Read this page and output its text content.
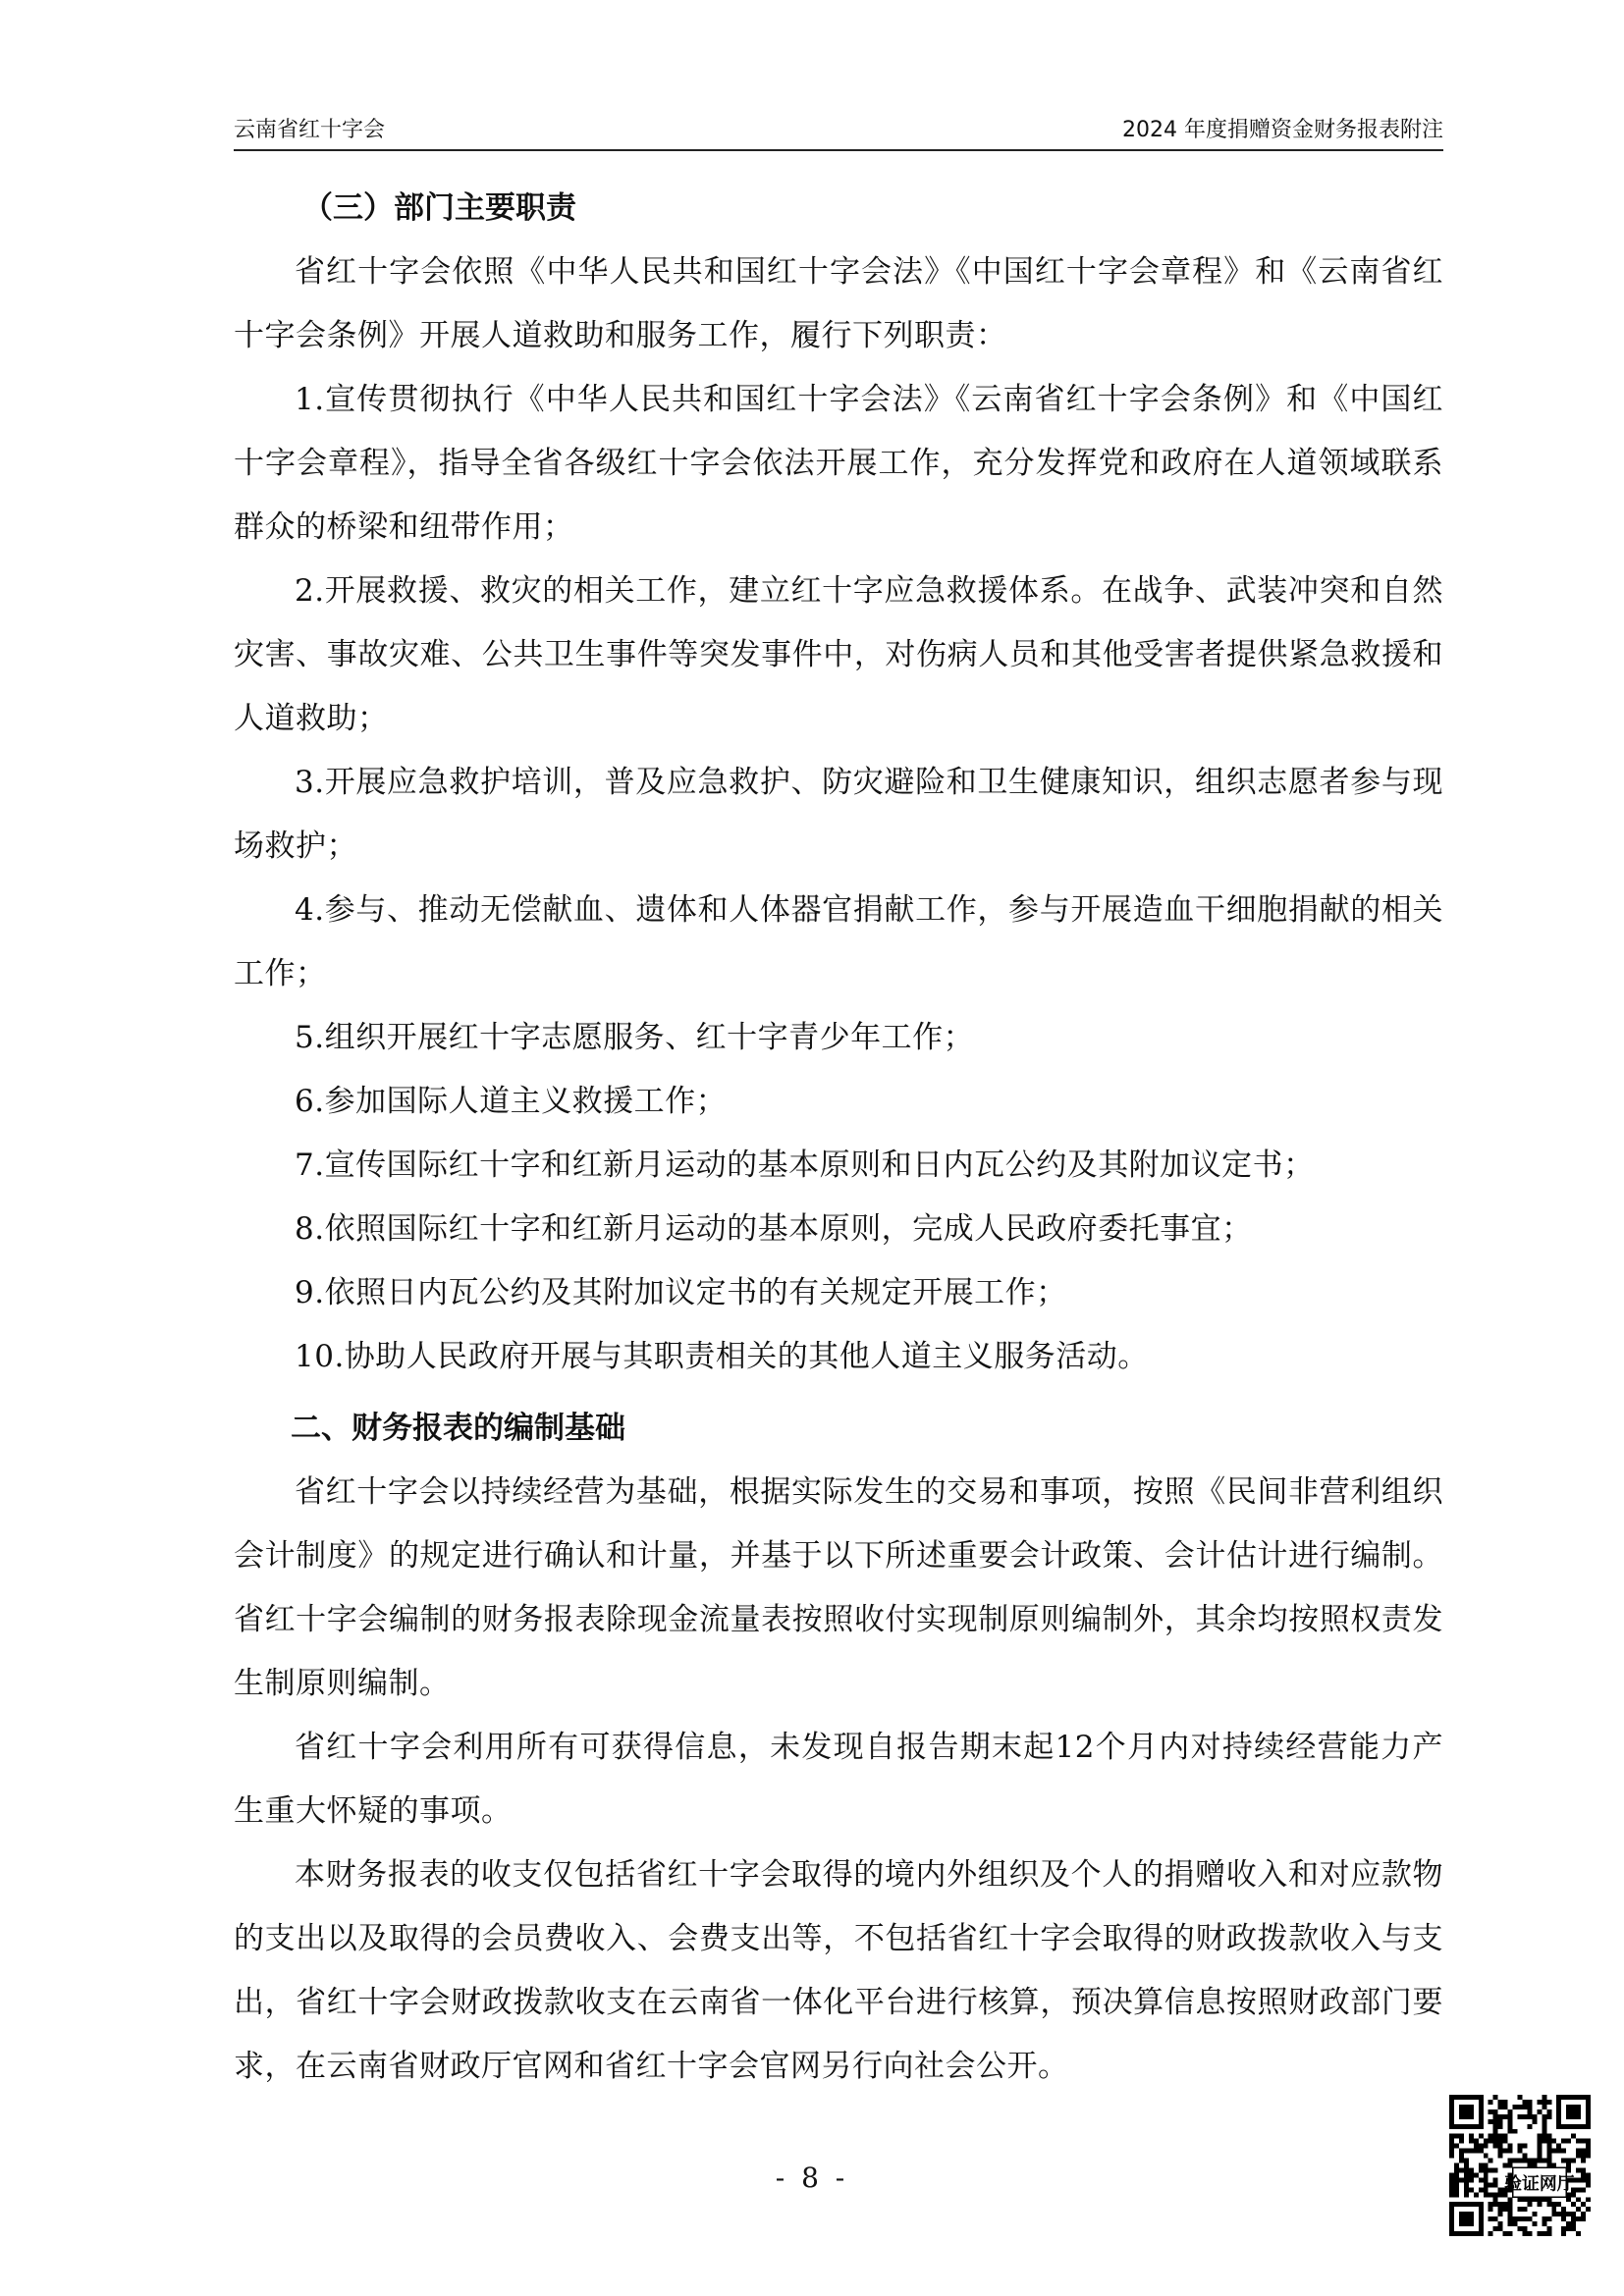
云南省红十字会	2024 年度捐赠资金财务报表附注
（三）部门主要职责

省红十字会依照《中华人民共和国红十字会法》《中国红十字会章程》和《云南省红十字会条例》开展人道救助和服务工作，履行下列职责：

1.宣传贯彻执行《中华人民共和国红十字会法》《云南省红十字会条例》和《中国红十字会章程》，指导全省各级红十字会依法开展工作，充分发挥党和政府在人道领域联系群众的桥梁和纽带作用；

2.开展救援、救灾的相关工作，建立红十字应急救援体系。在战争、武装冲突和自然灾害、事故灾难、公共卫生事件等突发事件中，对伤病人员和其他受害者提供紧急救援和人道救助；

3.开展应急救护培训，普及应急救护、防灾避险和卫生健康知识，组织志愿者参与现场救护；

4.参与、推动无偿献血、遗体和人体器官捐献工作，参与开展造血干细胞捐献的相关工作；

5.组织开展红十字志愿服务、红十字青少年工作；

6.参加国际人道主义救援工作；

7.宣传国际红十字和红新月运动的基本原则和日内瓦公约及其附加议定书；

8.依照国际红十字和红新月运动的基本原则，完成人民政府委托事宜；

9.依照日内瓦公约及其附加议定书的有关规定开展工作；

10.协助人民政府开展与其职责相关的其他人道主义服务活动。

二、财务报表的编制基础

省红十字会以持续经营为基础，根据实际发生的交易和事项，按照《民间非营利组织会计制度》的规定进行确认和计量，并基于以下所述重要会计政策、会计估计进行编制。省红十字会编制的财务报表除现金流量表按照收付实现制原则编制外，其余均按照权责发生制原则编制。

省红十字会利用所有可获得信息，未发现自报告期末起12个月内对持续经营能力产生重大怀疑的事项。

本财务报表的收支仅包括省红十字会取得的境内外组织及个人的捐赠收入和对应款物的支出以及取得的会员费收入、会费支出等，不包括省红十字会取得的财政拨款收入与支出，省红十字会财政拨款收支在云南省一体化平台进行核算，预决算信息按照财政部门要求，在云南省财政厅官网和省红十字会官网另行向社会公开。

- 8 -	验证网厅
